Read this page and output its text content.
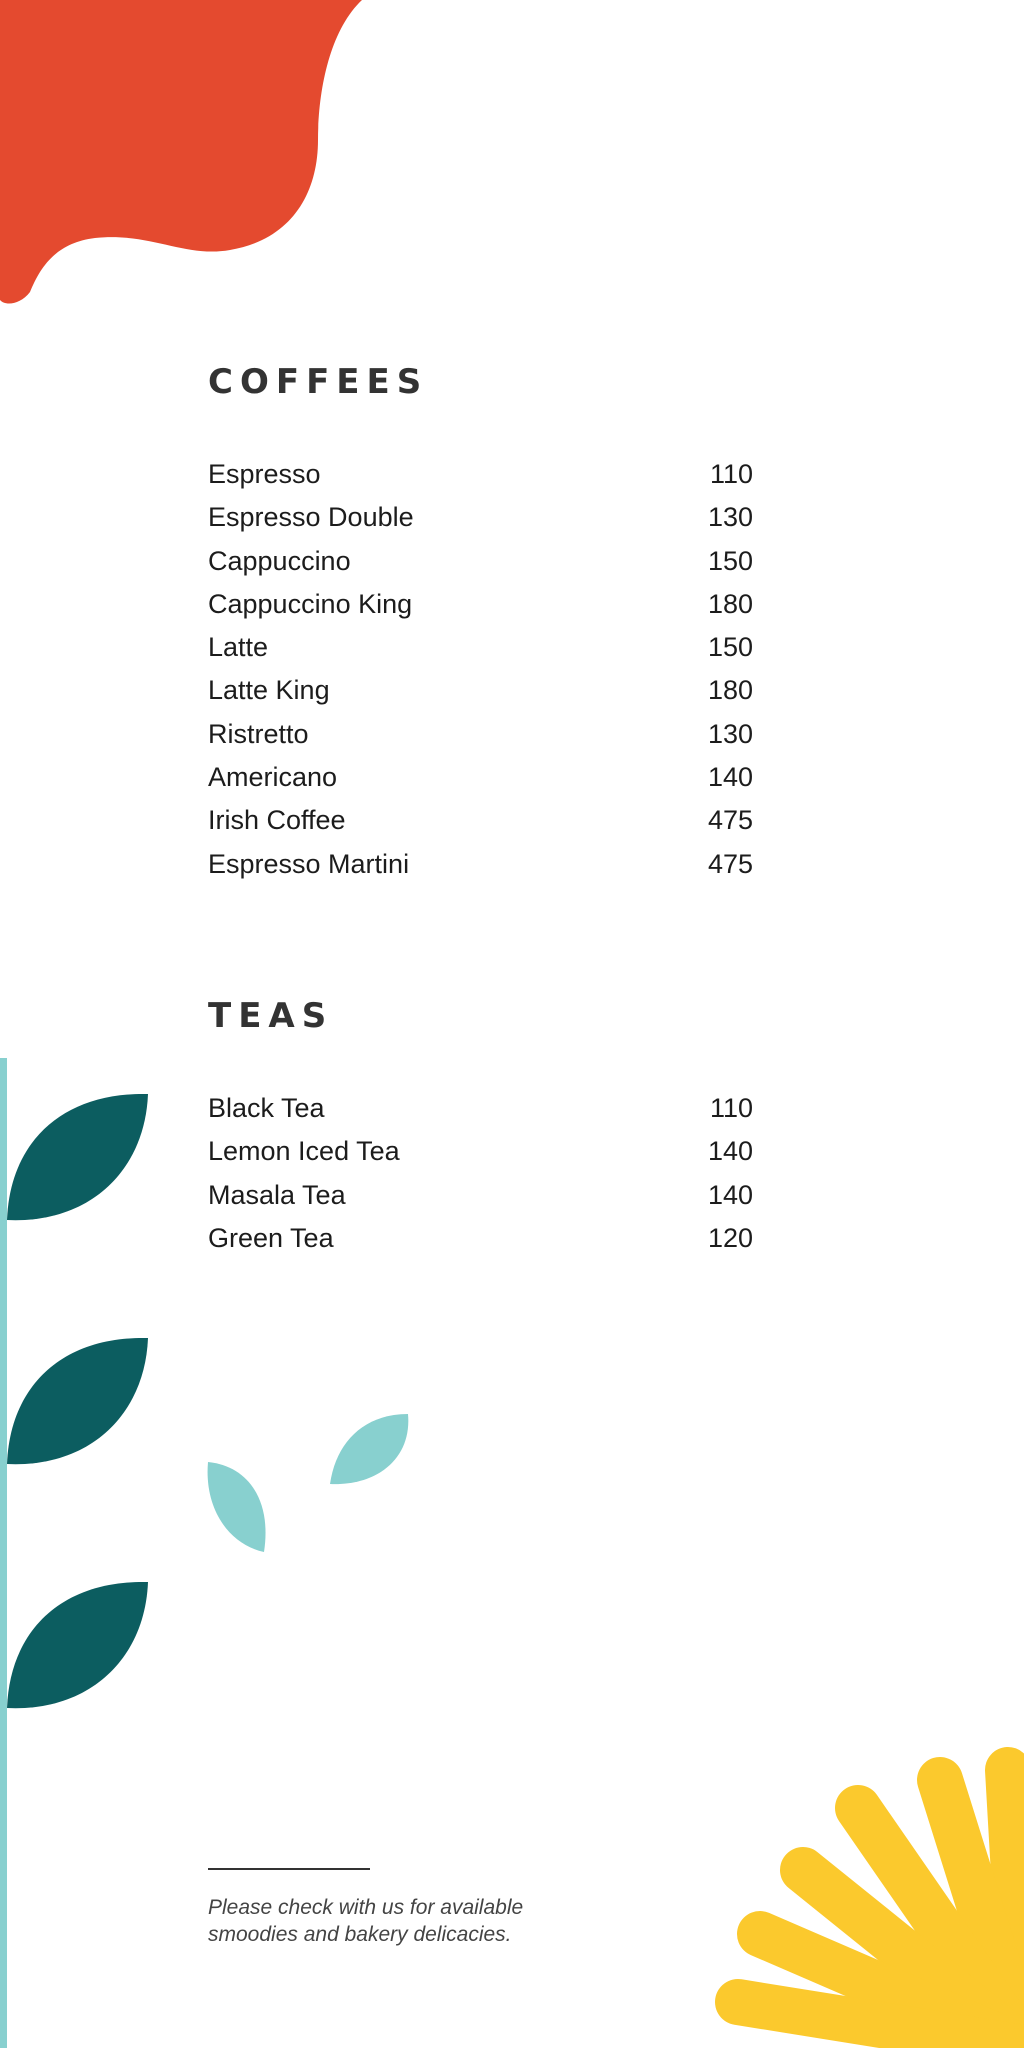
COFFEES
Espresso	110
Espresso Double	130
Cappuccino	150
Cappuccino King	180
Latte	150
Latte King	180
Ristretto	130
Americano	140
Irish Coffee	475
Espresso Martini	475
TEAS
Black Tea	110
Lemon Iced Tea	140
Masala Tea	140
Green Tea	120

Please check with us for available
smoodies and bakery delicacies.
